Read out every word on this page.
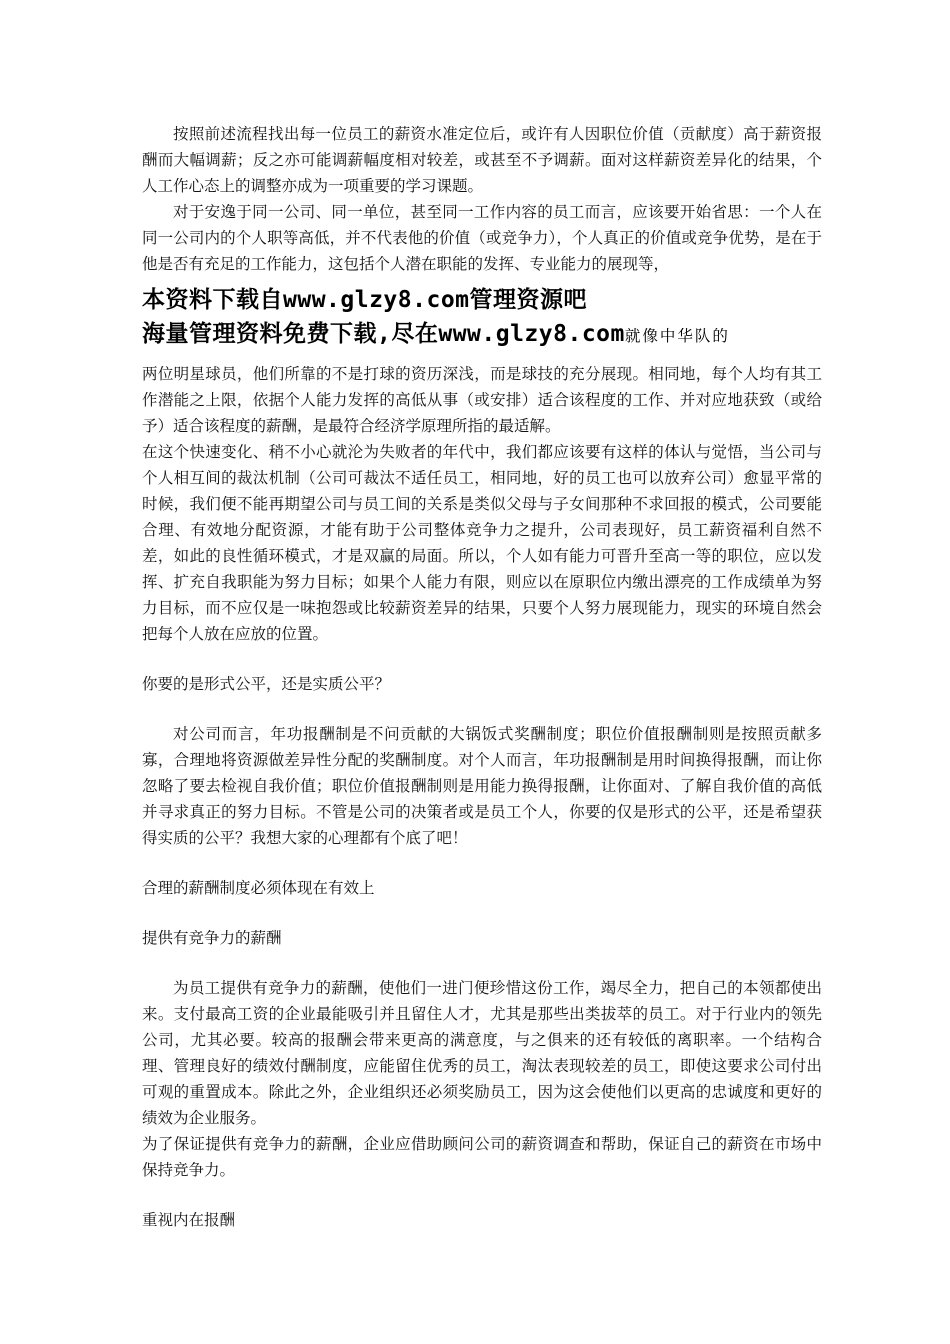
按照前述流程找出每一位员工的薪资水准定位后，或许有人因职位价值（贡献度）高于薪资报酬而大幅调薪；反之亦可能调薪幅度相对较差，或甚至不予调薪。面对这样薪资差异化的结果，个人工作心态上的调整亦成为一项重要的学习课题。

对于安逸于同一公司、同一单位，甚至同一工作内容的员工而言，应该要开始省思：一个人在同一公司内的个人职等高低，并不代表他的价值（或竞争力），个人真正的价值或竞争优势，是在于他是否有充足的工作能力，这包括个人潜在职能的发挥、专业能力的展现等，

本资料下载自www.glzy8.com管理资源吧
海量管理资料免费下载,尽在www.glzy8.com就像中华队的

两位明星球员，他们所靠的不是打球的资历深浅，而是球技的充分展现。相同地，每个人均有其工作潜能之上限，依据个人能力发挥的高低从事（或安排）适合该程度的工作、并对应地获致（或给予）适合该程度的薪酬，是最符合经济学原理所指的最适解。

在这个快速变化、稍不小心就沦为失败者的年代中，我们都应该要有这样的体认与觉悟，当公司与个人相互间的裁汰机制（公司可裁汰不适任员工，相同地，好的员工也可以放弃公司）愈显平常的时候，我们便不能再期望公司与员工间的关系是类似父母与子女间那种不求回报的模式，公司要能合理、有效地分配资源，才能有助于公司整体竞争力之提升，公司表现好，员工薪资福利自然不差，如此的良性循环模式，才是双赢的局面。所以，个人如有能力可晋升至高一等的职位，应以发挥、扩充自我职能为努力目标；如果个人能力有限，则应以在原职位内缴出漂亮的工作成绩单为努力目标，而不应仅是一味抱怨或比较薪资差异的结果，只要个人努力展现能力，现实的环境自然会把每个人放在应放的位置。

你要的是形式公平，还是实质公平？

对公司而言，年功报酬制是不问贡献的大锅饭式奖酬制度；职位价值报酬制则是按照贡献多寡，合理地将资源做差异性分配的奖酬制度。对个人而言，年功报酬制是用时间换得报酬，而让你忽略了要去检视自我价值；职位价值报酬制则是用能力换得报酬，让你面对、了解自我价值的高低并寻求真正的努力目标。不管是公司的决策者或是员工个人，你要的仅是形式的公平，还是希望获得实质的公平？我想大家的心理都有个底了吧！

合理的薪酬制度必须体现在有效上

提供有竞争力的薪酬

为员工提供有竞争力的薪酬，使他们一进门便珍惜这份工作，竭尽全力，把自己的本领都使出来。支付最高工资的企业最能吸引并且留住人才，尤其是那些出类拔萃的员工。对于行业内的领先公司，尤其必要。较高的报酬会带来更高的满意度，与之俱来的还有较低的离职率。一个结构合理、管理良好的绩效付酬制度，应能留住优秀的员工，淘汰表现较差的员工，即使这要求公司付出可观的重置成本。除此之外，企业组织还必须奖励员工，因为这会使他们以更高的忠诚度和更好的绩效为企业服务。

为了保证提供有竞争力的薪酬，企业应借助顾问公司的薪资调查和帮助，保证自己的薪资在市场中保持竞争力。

重视内在报酬
